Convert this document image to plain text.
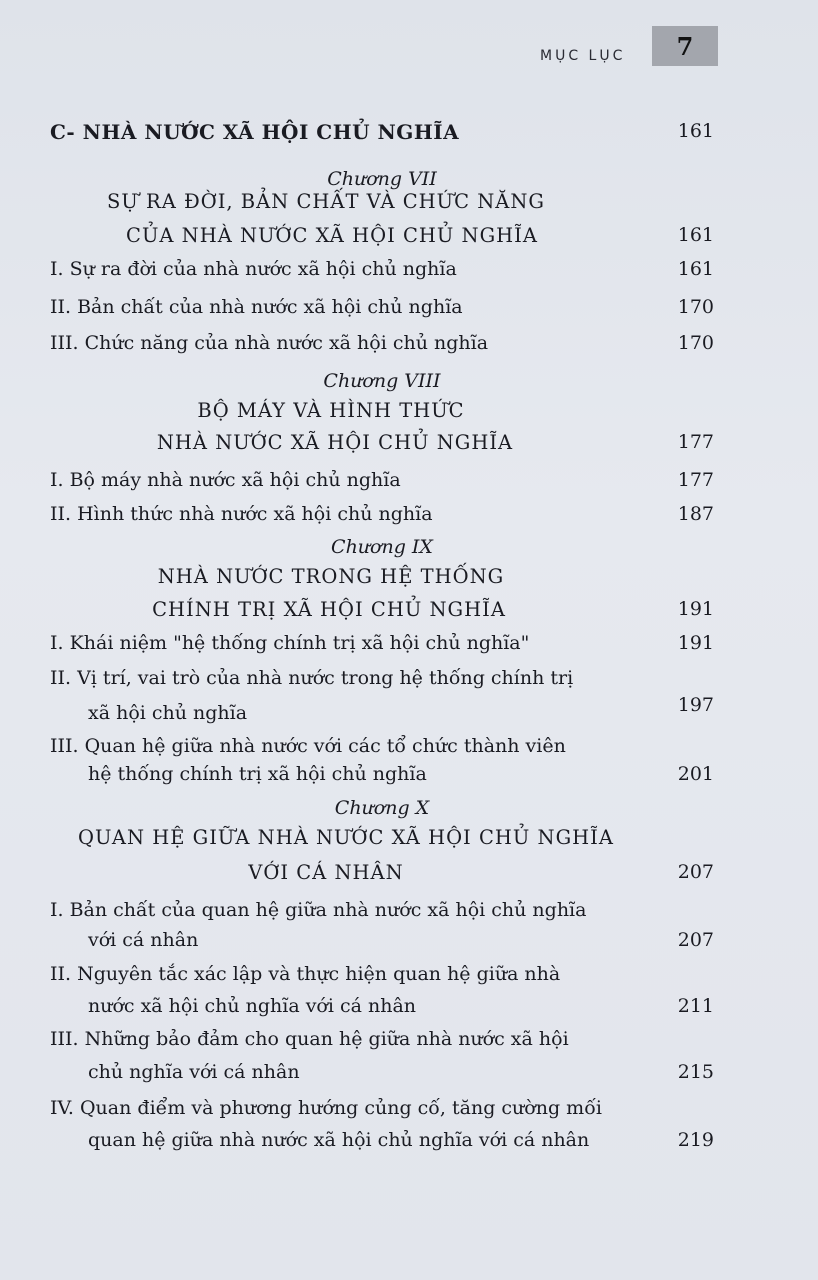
MỤC LỤC	7
C- NHÀ NƯỚC XÃ HỘI CHỦ NGHĨA	161
Chương VII
SỰ RA ĐỜI, BẢN CHẤT VÀ CHỨC NĂNG
CỦA NHÀ NƯỚC XÃ HỘI CHỦ NGHĨA	161
I. Sự ra đời của nhà nước xã hội chủ nghĩa	161
II. Bản chất của nhà nước xã hội chủ nghĩa	170
III. Chức năng của nhà nước xã hội chủ nghĩa	170
Chương VIII
BỘ MÁY VÀ HÌNH THỨC
NHÀ NƯỚC XÃ HỘI CHỦ NGHĨA	177
I. Bộ máy nhà nước xã hội chủ nghĩa	177
II. Hình thức nhà nước xã hội chủ nghĩa	187
Chương IX
NHÀ NƯỚC TRONG HỆ THỐNG
CHÍNH TRỊ XÃ HỘI CHỦ NGHĨA	191
I. Khái niệm "hệ thống chính trị xã hội chủ nghĩa"	191
II. Vị trí, vai trò của nhà nước trong hệ thống chính trị
xã hội chủ nghĩa	197
III. Quan hệ giữa nhà nước với các tổ chức thành viên
hệ thống chính trị xã hội chủ nghĩa	201
Chương X
QUAN HỆ GIỮA NHÀ NƯỚC XÃ HỘI CHỦ NGHĨA
VỚI CÁ NHÂN	207
I. Bản chất của quan hệ giữa nhà nước xã hội chủ nghĩa
với cá nhân	207
II. Nguyên tắc xác lập và thực hiện quan hệ giữa nhà
nước xã hội chủ nghĩa với cá nhân	211
III. Những bảo đảm cho quan hệ giữa nhà nước xã hội
chủ nghĩa với cá nhân	215
IV. Quan điểm và phương hướng củng cố, tăng cường mối
quan hệ giữa nhà nước xã hội chủ nghĩa với cá nhân	219
